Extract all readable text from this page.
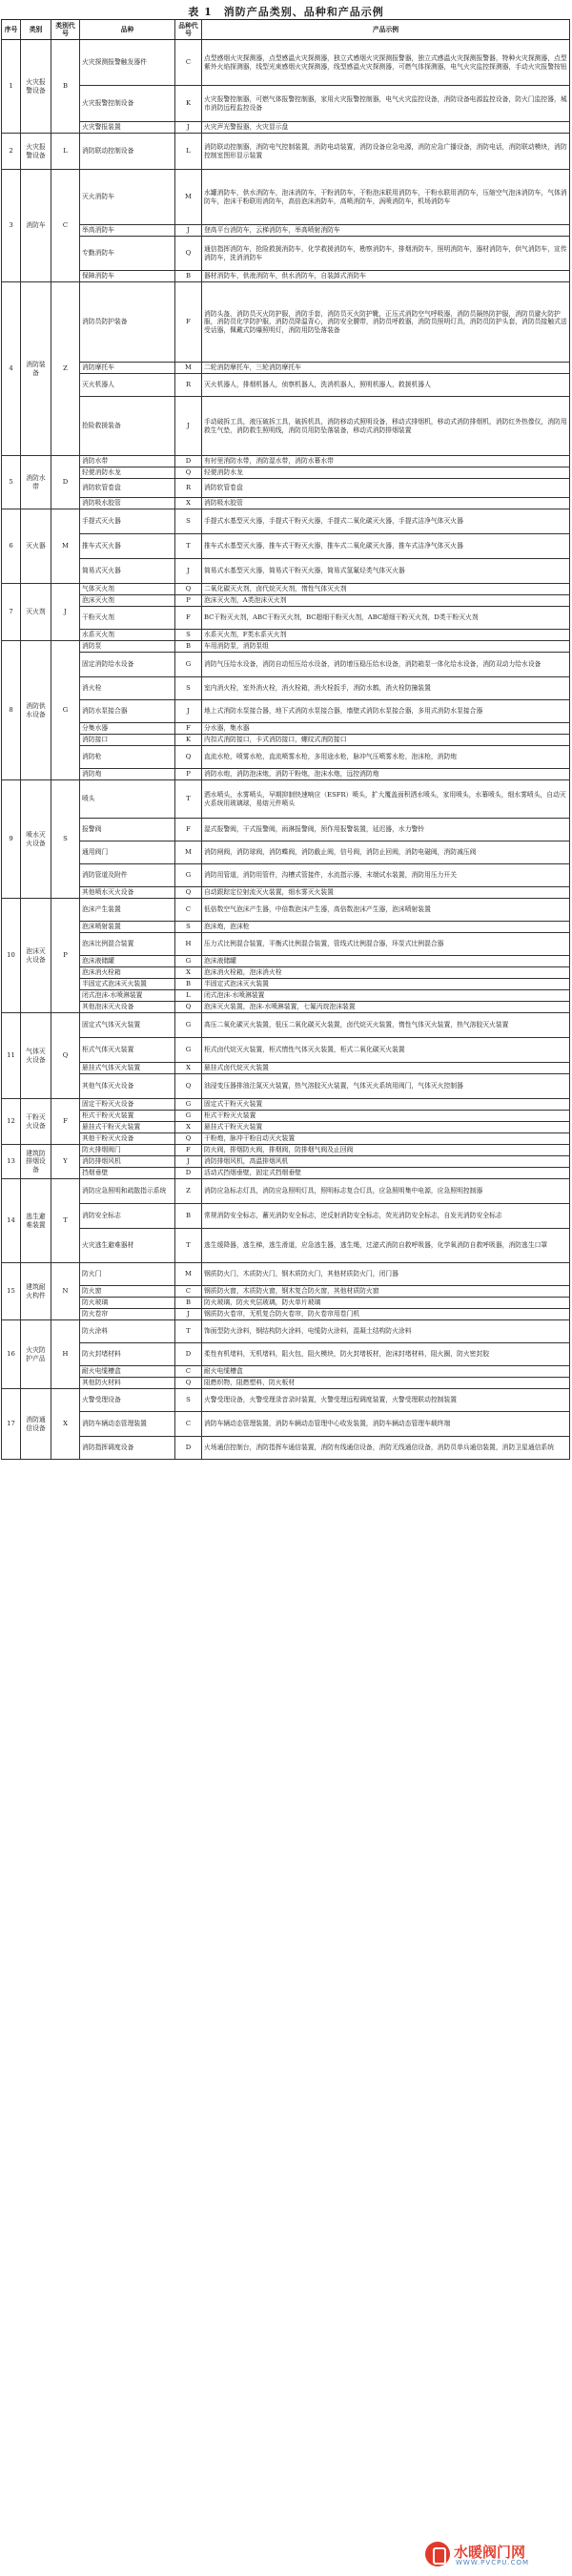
表 1　消防产品类别、品种和产品示例
序号	类别	类别代号	品种	品种代号	产品示例
1	火灾报警设备	B	火灾探测报警触发器件	C	点型感烟火灾探测器，点型感温火灾探测器，独立式感烟火灾探测报警器，独立式感温火灾探测报警器，特种火灾探测器，点型紫外火焰探测器，线型光束感烟火灾探测器，线型感温火灾探测器，可燃气体探测器，电气火灾监控探测器，手动火灾报警按钮
			火灾报警控制设备	K	火灾报警控制器，可燃气体报警控制器，家用火灾报警控制器，电气火灾监控设备，消防设备电源监控设备，防火门监控器，城市消防远程监控设备
			火灾警报装置	J	火灾声光警报器，火灾显示盘
2	火灾报警设备	L	消防联动控制设备	L	消防联动控制器，消防电气控制装置，消防电动装置，消防设备应急电源，消防应急广播设备，消防电话，消防联动模块，消防控制室图形显示装置
3	消防车	C	灭火消防车	M	水罐消防车，供水消防车，泡沫消防车，干粉消防车，干粉泡沫联用消防车，干粉水联用消防车，压缩空气泡沫消防车，气体消防车，泡沫干粉联用消防车，高倍泡沫消防车，高喷消防车，涡喷消防车，机场消防车
			举高消防车	J	登高平台消防车，云梯消防车，举高喷射消防车
			专勤消防车	Q	通信指挥消防车，抢险救援消防车，化学救援消防车，勘察消防车，排烟消防车，照明消防车，器材消防车，供气消防车，宣传消防车，洗消消防车
			保障消防车	B	器材消防车，供液消防车，供水消防车，自装卸式消防车
4	消防装备	Z	消防员防护装备	F	消防头盔，消防员灭火防护服，消防手套，消防员灭火防护靴，正压式消防空气呼吸器，消防员隔热防护服，消防员避火防护服，消防员化学防护服，消防员降温背心，消防安全腰带，消防员呼救器，消防员照明灯具，消防员防护头套，消防员接触式送受话器，佩戴式防爆照明灯，消防用防坠落装备
			消防摩托车	M	二轮消防摩托车，三轮消防摩托车
			灭火机器人	R	灭火机器人，排烟机器人，侦察机器人，洗消机器人，照明机器人，救援机器人
			抢险救援装备	J	手动破拆工具，液压破拆工具，破拆机具，消防移动式照明设备，移动式排烟机，移动式消防排烟机，消防红外热像仪，消防用救生气垫，消防救生照明线，消防员用防坠落装备，移动式消防排烟装置
5	消防水带	D	消防水带	D	有衬里消防水带，消防湿水带，消防水幕水带
			轻便消防水龙	Q	轻便消防水龙
			消防软管卷盘	R	消防软管卷盘
			消防吸水胶管	X	消防吸水胶管
6	灭火器	M	手提式灭火器	S	手提式水基型灭火器，手提式干粉灭火器，手提式二氧化碳灭火器，手提式洁净气体灭火器
			推车式灭火器	T	推车式水基型灭火器，推车式干粉灭火器，推车式二氧化碳灭火器，推车式洁净气体灭火器
			简易式灭火器	J	简易式水基型灭火器，简易式干粉灭火器，简易式氢氟烃类气体灭火器
7	灭火剂	J	气体灭火剂	Q	二氧化碳灭火剂，卤代烷灭火剂，惰性气体灭火剂
			泡沫灭火剂	P	泡沫灭火剂，A类泡沫灭火剂
			干粉灭火剂	F	BC干粉灭火剂，ABC干粉灭火剂，BC超细干粉灭火剂，ABC超细干粉灭火剂，D类干粉灭火剂
			水系灭火剂	S	水系灭火剂，F类水系灭火剂
8	消防供水设备	G	消防泵	B	车用消防泵，消防泵组
			固定消防给水设备	G	消防气压给水设备，消防自动恒压给水设备，消防增压稳压给水设备，消防箱泵一体化给水设备，消防双动力给水设备
			消火栓	S	室内消火栓，室外消火栓，消火栓箱，消火栓扳手，消防水鹤，消火栓防撞装置
			消防水泵接合器	J	地上式消防水泵接合器，地下式消防水泵接合器，墙壁式消防水泵接合器，多用式消防水泵接合器
			分集水器	F	分水器，集水器
			消防接口	K	内扣式消防接口，卡式消防接口，螺纹式消防接口
			消防枪	Q	直流水枪，喷雾水枪，直流喷雾水枪，多用途水枪，脉冲气压喷雾水枪，泡沫枪，消防炮
			消防炮	P	消防水炮，消防泡沫炮，消防干粉炮，泡沫水炮，远控消防炮
9	喷水灭火设备	S	喷头	T	洒水喷头，水雾喷头，早期抑制快速响应（ESFR）喷头，扩大覆盖面积洒水喷头，家用喷头，水幕喷头，细水雾喷头，自动灭火系统用玻璃球，易熔元件喷头
			报警阀	F	湿式报警阀，干式报警阀，雨淋报警阀，预作用报警装置，延迟器，水力警铃
			通用阀门	M	消防闸阀，消防球阀，消防蝶阀，消防截止阀，信号阀，消防止回阀，消防电磁阀，消防减压阀
			消防管道及附件	G	消防用管道，消防用管件，沟槽式管接件，水流指示器，末端试水装置，消防用压力开关
			其他喷水灭火设备	Q	自动跟踪定位射流灭火装置，细水雾灭火装置
10	泡沫灭火设备	P	泡沫产生装置	C	低倍数空气泡沫产生器，中倍数泡沫产生器，高倍数泡沫产生器，泡沫喷射装置
			泡沫喷射装置	S	泡沫炮，泡沫枪
			泡沫比例混合装置	H	压力式比例混合装置，平衡式比例混合装置，管线式比例混合器，环泵式比例混合器
			泡沫液储罐	G	泡沫液储罐
			泡沫消火栓箱	X	泡沫消火栓箱，泡沫消火栓
			半固定式泡沫灭火装置	B	半固定式泡沫灭火装置
			闭式泡沫-水喷淋装置	L	闭式泡沫-水喷淋装置
			其他泡沫灭火设备	Q	泡沫灭火装置，泡沫-水喷淋装置，七氟丙烷泡沫装置
11	气体灭火设备	Q	固定式气体灭火装置	G	高压二氧化碳灭火装置，低压二氧化碳灭火装置，卤代烷灭火装置，惰性气体灭火装置，热气溶胶灭火装置
			柜式气体灭火装置	G	柜式卤代烷灭火装置，柜式惰性气体灭火装置，柜式二氧化碳灭火装置
			悬挂式气体灭火装置	X	悬挂式卤代烷灭火装置
			其他气体灭火设备	Q	油浸变压器排油注氮灭火装置，热气溶胶灭火装置，气体灭火系统用阀门，气体灭火控制器
12	干粉灭火设备	F	固定干粉灭火设备	G	固定式干粉灭火装置
			柜式干粉灭火装置	G	柜式干粉灭火装置
			悬挂式干粉灭火装置	X	悬挂式干粉灭火装置
			其他干粉灭火设备	Q	干粉炮，脉冲干粉自动灭火装置
13	建筑防排烟设备	Y	防火排烟阀门	F	防火阀，排烟防火阀，排烟阀，防排烟气阀及止回阀
			消防排烟风机	J	消防排烟风机，高温排烟风机
			挡烟垂壁	D	活动式挡烟垂壁，固定式挡烟垂壁
14	逃生避难装置	T	消防应急照明和疏散指示系统	Z	消防应急标志灯具，消防应急照明灯具，照明标志复合灯具，应急照明集中电源，应急照明控制器
			消防安全标志	B	常规消防安全标志，蓄光消防安全标志，逆反射消防安全标志，荧光消防安全标志，自发光消防安全标志
			火灾逃生避难器材	T	逃生缓降器，逃生梯，逃生滑道，应急逃生器，逃生绳，过滤式消防自救呼吸器，化学氧消防自救呼吸器，消防逃生口罩
15	建筑耐火构件	N	防火门	M	钢质防火门，木质防火门，钢木质防火门，其他材质防火门，闭门器
			防火窗	C	钢质防火窗，木质防火窗，钢木复合防火窗，其他材质防火窗
			防火玻璃	B	防火玻璃，防火夹层玻璃，防火单片玻璃
			防火卷帘	J	钢质防火卷帘，无机复合防火卷帘，防火卷帘用卷门机
16	火灾防护产品	H	防火涂料	T	饰面型防火涂料，钢结构防火涂料，电缆防火涂料，混凝土结构防火涂料
			防火封堵材料	D	柔性有机堵料，无机堵料，阻火包，阻火模块，防火封堵板材，泡沫封堵材料，阻火圈，防火密封胶
			耐火电缆槽盒	C	耐火电缆槽盒
			其他防火材料	Q	阻燃织物，阻燃塑料，防火板材
17	消防通信设备	X	火警受理设备	S	火警受理设备，火警受理录音录时装置，火警受理远程调度装置，火警受理联动控制装置
			消防车辆动态管理装置	C	消防车辆动态管理装置，消防车辆动态管理中心收发装置，消防车辆动态管理车载终端
			消防指挥调度设备	D	火场通信控制台，消防指挥车通信装置，消防有线通信设备，消防无线通信设备，消防员单兵通信装置，消防卫星通信系统
水暖阀门网
WWW.PVCPU.COM
